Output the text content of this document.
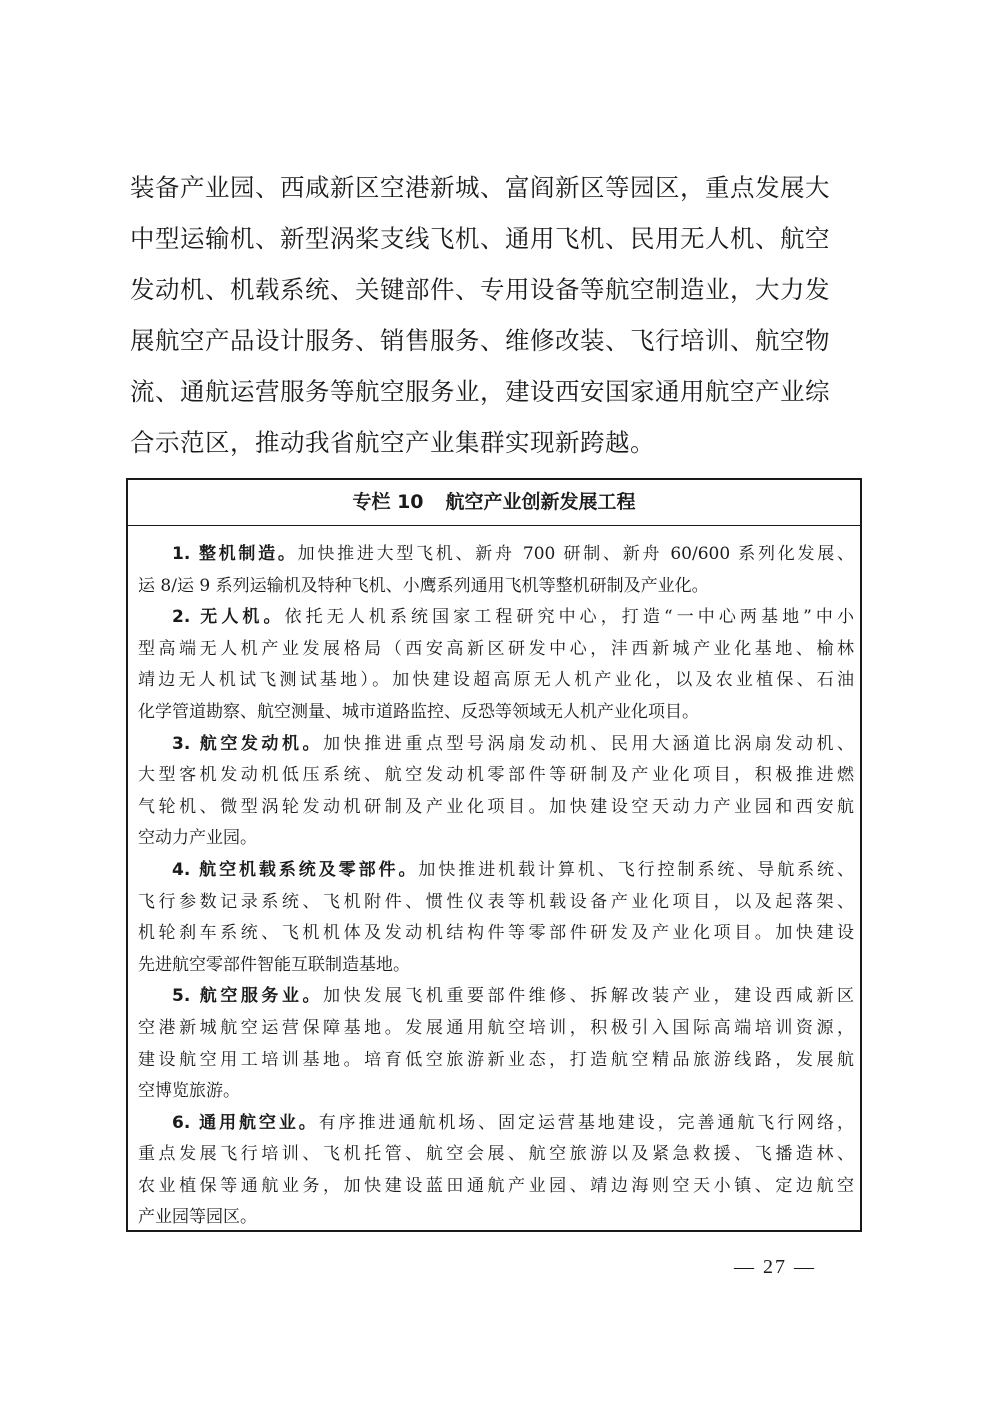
装备产业园、西咸新区空港新城、富阎新区等园区，重点发展大
中型运输机、新型涡桨支线飞机、通用飞机、民用无人机、航空
发动机、机载系统、关键部件、专用设备等航空制造业，大力发
展航空产品设计服务、销售服务、维修改装、飞行培训、航空物
流、通航运营服务等航空服务业，建设西安国家通用航空产业综
合示范区，推动我省航空产业集群实现新跨越。
专栏 10 航空产业创新发展工程
1. 整机制造。加快推进大型飞机、新舟 700 研制、新舟 60/600 系列化发展、
运 8/运 9 系列运输机及特种飞机、小鹰系列通用飞机等整机研制及产业化。
2. 无人机。依托无人机系统国家工程研究中心，打造“一中心两基地”中小
型高端无人机产业发展格局（西安高新区研发中心，沣西新城产业化基地、榆林
靖边无人机试飞测试基地）。加快建设超高原无人机产业化，以及农业植保、石油
化学管道勘察、航空测量、城市道路监控、反恐等领域无人机产业化项目。
3. 航空发动机。加快推进重点型号涡扇发动机、民用大涵道比涡扇发动机、
大型客机发动机低压系统、航空发动机零部件等研制及产业化项目，积极推进燃
气轮机、微型涡轮发动机研制及产业化项目。加快建设空天动力产业园和西安航
空动力产业园。
4. 航空机载系统及零部件。加快推进机载计算机、飞行控制系统、导航系统、
飞行参数记录系统、飞机附件、惯性仪表等机载设备产业化项目，以及起落架、
机轮刹车系统、飞机机体及发动机结构件等零部件研发及产业化项目。加快建设
先进航空零部件智能互联制造基地。
5. 航空服务业。加快发展飞机重要部件维修、拆解改装产业，建设西咸新区
空港新城航空运营保障基地。发展通用航空培训，积极引入国际高端培训资源，
建设航空用工培训基地。培育低空旅游新业态，打造航空精品旅游线路，发展航
空博览旅游。
6. 通用航空业。有序推进通航机场、固定运营基地建设，完善通航飞行网络，
重点发展飞行培训、飞机托管、航空会展、航空旅游以及紧急救援、飞播造林、
农业植保等通航业务，加快建设蓝田通航产业园、靖边海则空天小镇、定边航空
产业园等园区。
— 27 —
